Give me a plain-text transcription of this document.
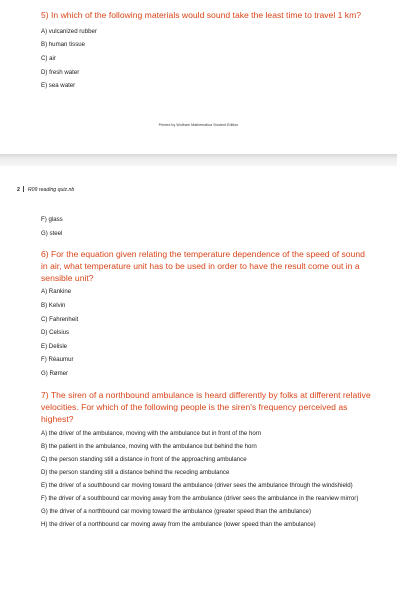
5) In which of the following materials would sound take the least time to travel 1 km?
A) vulcanized rubber
B) human tissue
C) air
D) fresh water
E) sea water
Printed by Wolfram Mathematica Student Edition
2 R09 reading quiz.nb
F) glass
G) steel
6) For the equation given relating the temperature dependence of the speed of sound in air, what temperature unit has to be used in order to have the result come out in a sensible unit?
A) Rankine
B) Kelvin
C) Fahrenheit
D) Celsius
E) Delisle
F) Réaumur
G) Rømer
7) The siren of a northbound ambulance is heard differently by folks at different relative velocities. For which of the following people is the siren's frequency perceived as highest?
A) the driver of the ambulance, moving with the ambulance but in front of the horn
B) the patient in the ambulance, moving with the ambulance but behind the horn
C) the person standing still a distance in front of the approaching ambulance
D) the person standing still a distance behind the receding ambulance
E) the driver of a southbound car moving toward the ambulance (driver sees the ambulance through the windshield)
F) the driver of a southbound car moving away from the ambulance (driver sees the ambulance in the rearview mirror)
G) the driver of a northbound car moving toward the ambulance (greater speed than the ambulance)
H) the driver of a northbound car moving away from the ambulance (lower speed than the ambulance)
